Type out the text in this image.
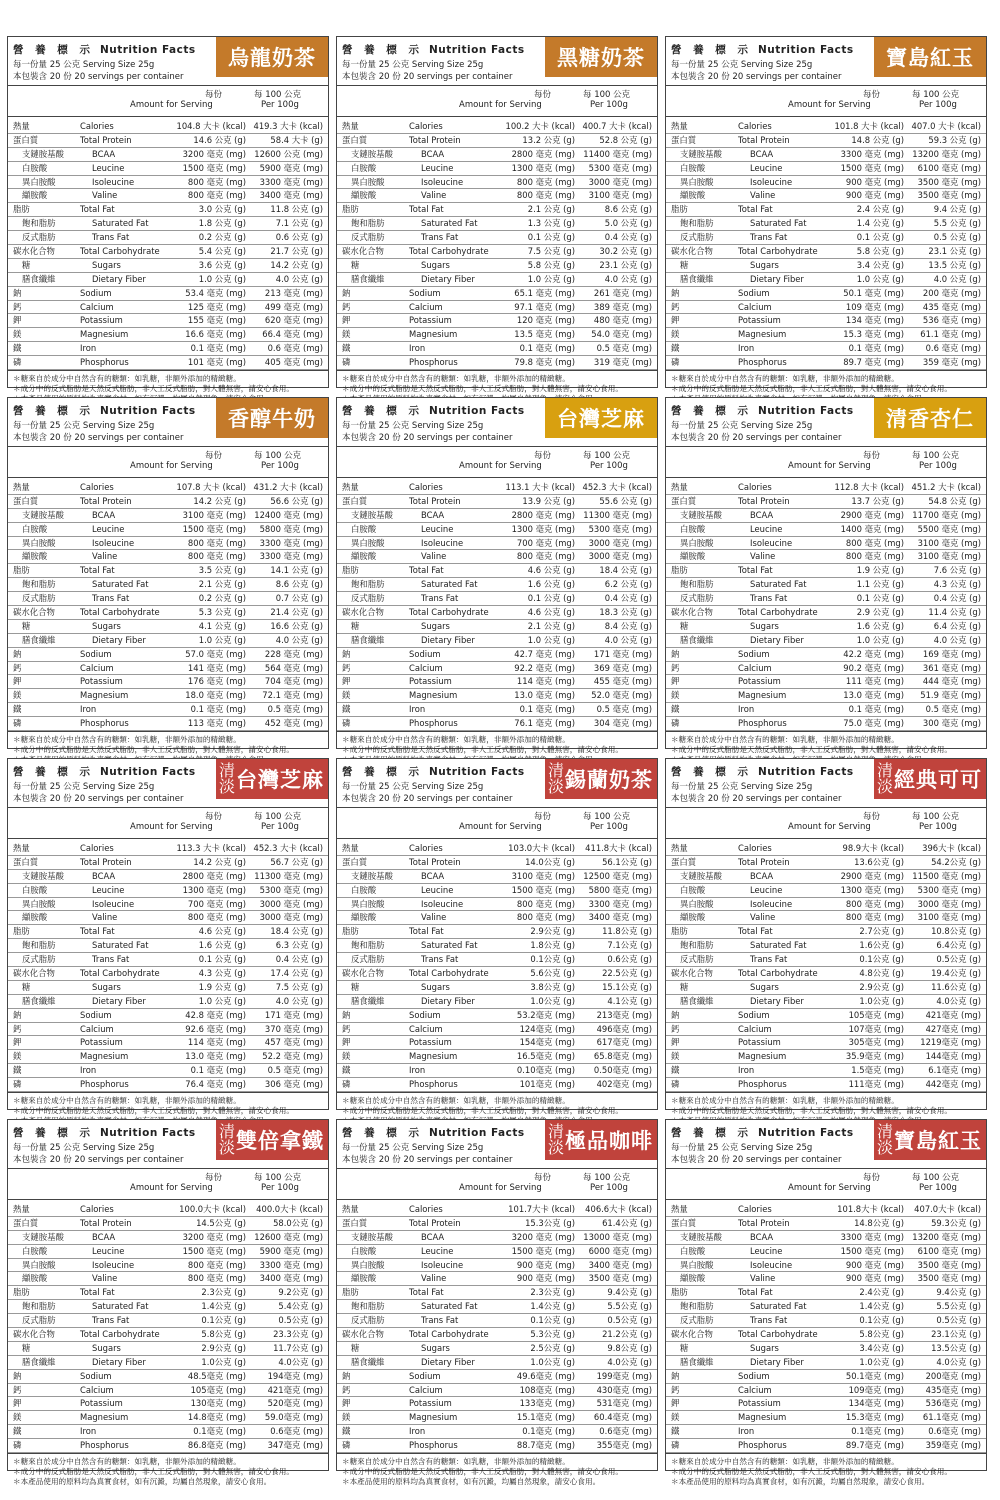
營 養 標 示 Nutrition Facts 烏龍奶茶
每一份量 25 公克 Serving Size 25g
本包裝含 20 份 20 servings per container
每份
Amount for Serving
每 100 公克
Per 100g
熱量	Calories	104.8 大卡 (kcal) 419.3 大卡 (kcal)
蛋白質	Total Protein	14.6 公克 (g)	58.4 大卡 (g)
支鏈胺基酸	BCAA	3200 毫克 (mg) 12600 公克 (mg)
白胺酸	Leucine	1500 毫克 (mg) 5900 毫克 (mg)
異白胺酸	Isoleucine	800 毫克 (mg) 3300 毫克 (mg)
纈胺酸	Valine	800 毫克 (mg) 3400 毫克 (mg)
脂肪	Total Fat	3.0 公克 (g)	11.8 公克 (g)
飽和脂肪	Saturated Fat	1.8 公克 (g)	7.1 公克 (g)
反式脂肪	Trans Fat	0.2 公克 (g)	0.6 公克 (g)
碳水化合物	Total Carbohydrate	5.4 公克 (g)	21.7 公克 (g)
糖	Sugars	3.6 公克 (g)	14.2 公克 (g)
膳食纖維	Dietary Fiber	1.0 公克 (g)	4.0 公克 (g)
鈉	Sodium	53.4 毫克 (mg) 213 毫克 (mg)
鈣	Calcium	125 毫克 (mg) 499 毫克 (mg)
鉀	Potassium	155 毫克 (mg) 620 毫克 (mg)
鎂	Magnesium	16.6 毫克 (mg) 66.4 毫克 (mg)
鐵	Iron	0.1 毫克 (mg)	0.6 毫克 (mg)
磷	Phosphorus	101 毫克 (mg) 405 毫克 (mg)
＊糖來自於成分中自然含有的糖類：如乳糖，非額外添加的精緻糖。
＊成分中的反式脂肪是天然反式脂肪，非人工反式脂肪，對人體無害，請安心食用。
營 養 標 示 Nutrition Facts 黑糖奶茶
每一份量 25 公克 Serving Size 25g
本包裝含 20 份 20 servings per container
每份
Amount for Serving
每 100 公克
Per 100g
熱量	Calories	100.2 大卡 (kcal) 400.7 大卡 (kcal)
蛋白質	Total Protein	13.2 公克 (g)	52.8 公克 (g)
支鏈胺基酸	BCAA	2800 毫克 (mg) 11400 毫克 (mg)
白胺酸	Leucine	1300 毫克 (mg) 5300 毫克 (mg)
異白胺酸	Isoleucine	800 毫克 (mg) 3000 毫克 (mg)
纈胺酸	Valine	800 毫克 (mg) 3100 毫克 (mg)
脂肪	Total Fat	2.1 公克 (g)	8.6 公克 (g)
飽和脂肪	Saturated Fat	1.3 公克 (g)	5.0 公克 (g)
反式脂肪	Trans Fat	0.1 公克 (g)	0.4 公克 (g)
碳水化合物	Total Carbohydrate	7.5 公克 (g)	30.2 公克 (g)
糖	Sugars	5.8 公克 (g)	23.1 公克 (g)
膳食纖維	Dietary Fiber	1.0 公克 (g)	4.0 公克 (g)
鈉	Sodium	65.1 毫克 (mg) 261 毫克 (mg)
鈣	Calcium	97.1 毫克 (mg) 389 毫克 (mg)
鉀	Potassium	120 毫克 (mg) 480 毫克 (mg)
鎂	Magnesium	13.5 毫克 (mg) 54.0 毫克 (mg)
鐵	Iron	0.1 毫克 (mg)	0.5 毫克 (mg)
磷	Phosphorus	79.8 毫克 (mg) 319 毫克 (mg)
＊糖來自於成分中自然含有的糖類：如乳糖，非額外添加的精緻糖。
＊成分中的反式脂肪是天然反式脂肪，非人工反式脂肪，對人體無害，請安心食用。
營 養 標 示 Nutrition Facts 寶島紅玉
每一份量 25 公克 Serving Size 25g
本包裝含 20 份 20 servings per container
每份
Amount for Serving
每 100 公克
Per 100g
熱量	Calories	101.8 大卡 (kcal) 407.0 大卡 (kcal)
蛋白質	Total Protein	14.8 公克 (g)	59.3 公克 (g)
支鏈胺基酸	BCAA	3300 毫克 (mg) 13200 毫克 (mg)
白胺酸	Leucine	1500 毫克 (mg) 6100 毫克 (mg)
異白胺酸	Isoleucine	900 毫克 (mg) 3500 毫克 (mg)
纈胺酸	Valine	900 毫克 (mg) 3500 毫克 (mg)
脂肪	Total Fat	2.4 公克 (g)	9.4 公克 (g)
飽和脂肪	Saturated Fat	1.4 公克 (g)	5.5 公克 (g)
反式脂肪	Trans Fat	0.1 公克 (g)	0.5 公克 (g)
碳水化合物	Total Carbohydrate	5.8 公克 (g)	23.1 公克 (g)
糖	Sugars	3.4 公克 (g)	13.5 公克 (g)
膳食纖維	Dietary Fiber	1.0 公克 (g)	4.0 公克 (g)
鈉	Sodium	50.1 毫克 (mg) 200 毫克 (mg)
鈣	Calcium	109 毫克 (mg) 435 毫克 (mg)
鉀	Potassium	134 毫克 (mg) 536 毫克 (mg)
鎂	Magnesium	15.3 毫克 (mg) 61.1 毫克 (mg)
鐵	Iron	0.1 毫克 (mg)	0.6 毫克 (mg)
磷	Phosphorus	89.7 毫克 (mg) 359 毫克 (mg)
＊糖來自於成分中自然含有的糖類：如乳糖，非額外添加的精緻糖。
＊成分中的反式脂肪是天然反式脂肪，非人工反式脂肪，對人體無害，請安心食用。
營 養 標 示 Nutrition Facts 香醇牛奶
每一份量 25 公克 Serving Size 25g
本包裝含 20 份 20 servings per container
每份
Amount for Serving
每 100 公克
Per 100g
熱量	Calories	107.8 大卡 (kcal) 431.2 大卡 (kcal)
蛋白質	Total Protein	14.2 公克 (g)	56.6 公克 (g)
支鏈胺基酸	BCAA	3100 毫克 (mg) 12400 毫克 (mg)
白胺酸	Leucine	1500 毫克 (mg) 5800 毫克 (mg)
異白胺酸	Isoleucine	800 毫克 (mg) 3300 毫克 (mg)
纈胺酸	Valine	800 毫克 (mg) 3300 毫克 (mg)
脂肪	Total Fat	3.5 公克 (g)	14.1 公克 (g)
飽和脂肪	Saturated Fat	2.1 公克 (g)	8.6 公克 (g)
反式脂肪	Trans Fat	0.2 公克 (g)	0.7 公克 (g)
碳水化合物	Total Carbohydrate	5.3 公克 (g)	21.4 公克 (g)
糖	Sugars	4.1 公克 (g)	16.6 公克 (g)
膳食纖維	Dietary Fiber	1.0 公克 (g)	4.0 公克 (g)
鈉	Sodium	57.0 毫克 (mg) 228 毫克 (mg)
鈣	Calcium	141 毫克 (mg) 564 毫克 (mg)
鉀	Potassium	176 毫克 (mg) 704 毫克 (mg)
鎂	Magnesium	18.0 毫克 (mg) 72.1 毫克 (mg)
鐵	Iron	0.1 毫克 (mg)	0.5 毫克 (mg)
磷	Phosphorus	113 毫克 (mg) 452 毫克 (mg)
＊糖來自於成分中自然含有的糖類：如乳糖，非額外添加的精緻糖。
＊成分中的反式脂肪是天然反式脂肪，非人工反式脂肪，對人體無害，請安心食用。
營 養 標 示 Nutrition Facts 台灣芝麻
每一份量 25 公克 Serving Size 25g
本包裝含 20 份 20 servings per container
每份
Amount for Serving
每 100 公克
Per 100g
熱量	Calories	113.1 大卡 (kcal) 452.3 大卡 (kcal)
蛋白質	Total Protein	13.9 公克 (g)	55.6 公克 (g)
支鏈胺基酸	BCAA	2800 毫克 (mg) 11300 毫克 (mg)
白胺酸	Leucine	1300 毫克 (mg) 5300 毫克 (mg)
異白胺酸	Isoleucine	700 毫克 (mg) 3000 毫克 (mg)
纈胺酸	Valine	800 毫克 (mg) 3000 毫克 (mg)
脂肪	Total Fat	4.6 公克 (g)	18.4 公克 (g)
飽和脂肪	Saturated Fat	1.6 公克 (g)	6.2 公克 (g)
反式脂肪	Trans Fat	0.1 公克 (g)	0.4 公克 (g)
碳水化合物	Total Carbohydrate	4.6 公克 (g)	18.3 公克 (g)
糖	Sugars	2.1 公克 (g)	8.4 公克 (g)
膳食纖維	Dietary Fiber	1.0 公克 (g)	4.0 公克 (g)
鈉	Sodium	42.7 毫克 (mg) 171 毫克 (mg)
鈣	Calcium	92.2 毫克 (mg) 369 毫克 (mg)
鉀	Potassium	114 毫克 (mg) 455 毫克 (mg)
鎂	Magnesium	13.0 毫克 (mg) 52.0 毫克 (mg)
鐵	Iron	0.1 毫克 (mg)	0.5 毫克 (mg)
磷	Phosphorus	76.1 毫克 (mg) 304 毫克 (mg)
＊糖來自於成分中自然含有的糖類：如乳糖，非額外添加的精緻糖。
＊成分中的反式脂肪是天然反式脂肪，非人工反式脂肪，對人體無害，請安心食用。
營 養 標 示 Nutrition Facts 清香杏仁
每一份量 25 公克 Serving Size 25g
本包裝含 20 份 20 servings per container
每份
Amount for Serving
每 100 公克
Per 100g
熱量	Calories	112.8 大卡 (kcal) 451.2 大卡 (kcal)
蛋白質	Total Protein	13.7 公克 (g)	54.8 公克 (g)
支鏈胺基酸	BCAA	2900 毫克 (mg) 11700 毫克 (mg)
白胺酸	Leucine	1400 毫克 (mg) 5500 毫克 (mg)
異白胺酸	Isoleucine	800 毫克 (mg) 3100 毫克 (mg)
纈胺酸	Valine	800 毫克 (mg) 3100 毫克 (mg)
脂肪	Total Fat	1.9 公克 (g)	7.6 公克 (g)
飽和脂肪	Saturated Fat	1.1 公克 (g)	4.3 公克 (g)
反式脂肪	Trans Fat	0.1 公克 (g)	0.4 公克 (g)
碳水化合物	Total Carbohydrate	2.9 公克 (g)	11.4 公克 (g)
糖	Sugars	1.6 公克 (g)	6.4 公克 (g)
膳食纖維	Dietary Fiber	1.0 公克 (g)	4.0 公克 (g)
鈉	Sodium	42.2 毫克 (mg) 169 毫克 (mg)
鈣	Calcium	90.2 毫克 (mg) 361 毫克 (mg)
鉀	Potassium	111 毫克 (mg) 444 毫克 (mg)
鎂	Magnesium	13.0 毫克 (mg) 51.9 毫克 (mg)
鐵	Iron	0.1 毫克 (mg)	0.5 毫克 (mg)
磷	Phosphorus	75.0 毫克 (mg) 300 毫克 (mg)
＊糖來自於成分中自然含有的糖類：如乳糖，非額外添加的精緻糖。
＊成分中的反式脂肪是天然反式脂肪，非人工反式脂肪，對人體無害，請安心食用。
營 養 標 示 Nutrition Facts 清淡 台灣芝麻
每一份量 25 公克 Serving Size 25g
本包裝含 20 份 20 servings per container
每份
Amount for Serving
每 100 公克
Per 100g
熱量	Calories	113.3 大卡 (kcal) 452.3 大卡 (kcal)
蛋白質	Total Protein	14.2 公克 (g)	56.7 公克 (g)
支鏈胺基酸	BCAA	2800 毫克 (mg) 11300 毫克 (mg)
白胺酸	Leucine	1300 毫克 (mg) 5300 毫克 (mg)
異白胺酸	Isoleucine	700 毫克 (mg) 3000 毫克 (mg)
纈胺酸	Valine	800 毫克 (mg) 3000 毫克 (mg)
脂肪	Total Fat	4.6 公克 (g)	18.4 公克 (g)
飽和脂肪	Saturated Fat	1.6 公克 (g)	6.3 公克 (g)
反式脂肪	Trans Fat	0.1 公克 (g)	0.4 公克 (g)
碳水化合物	Total Carbohydrate	4.3 公克 (g)	17.4 公克 (g)
糖	Sugars	1.9 公克 (g)	7.5 公克 (g)
膳食纖維	Dietary Fiber	1.0 公克 (g)	4.0 公克 (g)
鈉	Sodium	42.8 毫克 (mg) 171 毫克 (mg)
鈣	Calcium	92.6 毫克 (mg) 370 毫克 (mg)
鉀	Potassium	114 毫克 (mg) 457 毫克 (mg)
鎂	Magnesium	13.0 毫克 (mg) 52.2 毫克 (mg)
鐵	Iron	0.1 毫克 (mg)	0.5 毫克 (mg)
磷	Phosphorus	76.4 毫克 (mg) 306 毫克 (mg)
＊糖來自於成分中自然含有的糖類：如乳糖，非額外添加的精緻糖。
＊成分中的反式脂肪是天然反式脂肪，非人工反式脂肪，對人體無害，請安心食用。
營 養 標 示 Nutrition Facts 清淡 錫蘭奶茶
每一份量 25 公克 Serving Size 25g
本包裝含 20 份 20 servings per container
每份
Amount for Serving
每 100 公克
Per 100g
熱量	Calories	103.0大卡 (kcal) 411.8大卡 (kcal)
蛋白質	Total Protein	14.0公克 (g)	56.1公克 (g)
支鏈胺基酸	BCAA	3100 毫克 (mg) 12500 毫克 (mg)
白胺酸	Leucine	1500 毫克 (mg) 5800 毫克 (mg)
異白胺酸	Isoleucine	800 毫克 (mg) 3300 毫克 (mg)
纈胺酸	Valine	800 毫克 (mg) 3400 毫克 (mg)
脂肪	Total Fat	2.9公克 (g)	11.8公克 (g)
飽和脂肪	Saturated Fat	1.8公克 (g)	7.1公克 (g)
反式脂肪	Trans Fat	0.1公克 (g)	0.6公克 (g)
碳水化合物	Total Carbohydrate	5.6公克 (g)	22.5公克 (g)
糖	Sugars	3.8公克 (g)	15.1公克 (g)
膳食纖維	Dietary Fiber	1.0公克 (g)	4.1公克 (g)
鈉	Sodium	53.2毫克 (mg)	213毫克 (mg)
鈣	Calcium	124毫克 (mg)	496毫克 (mg)
鉀	Potassium	154毫克 (mg)	617毫克 (mg)
鎂	Magnesium	16.5毫克 (mg) 65.8毫克 (mg)
鐵	Iron	0.10毫克 (mg) 0.50毫克 (mg)
磷	Phosphorus	101毫克 (mg)	402毫克 (mg)
＊糖來自於成分中自然含有的糖類：如乳糖，非額外添加的精緻糖。
＊成分中的反式脂肪是天然反式脂肪，非人工反式脂肪，對人體無害，請安心食用。
營 養 標 示 Nutrition Facts 清淡 經典可可
每一份量 25 公克 Serving Size 25g
本包裝含 20 份 20 servings per container
每份
Amount for Serving
每 100 公克
Per 100g
熱量	Calories	98.9大卡 (kcal) 396大卡 (kcal)
蛋白質	Total Protein	13.6公克 (g)	54.2公克 (g)
支鏈胺基酸	BCAA	2900 毫克 (mg) 11500 毫克 (mg)
白胺酸	Leucine	1300 毫克 (mg) 5300 毫克 (mg)
異白胺酸	Isoleucine	800 毫克 (mg) 3000 毫克 (mg)
纈胺酸	Valine	800 毫克 (mg) 3100 毫克 (mg)
脂肪	Total Fat	2.7公克 (g)	10.8公克 (g)
飽和脂肪	Saturated Fat	1.6公克 (g)	6.4公克 (g)
反式脂肪	Trans Fat	0.1公克 (g)	0.5公克 (g)
碳水化合物	Total Carbohydrate	4.8公克 (g)	19.4公克 (g)
糖	Sugars	2.9公克 (g)	11.6公克 (g)
膳食纖維	Dietary Fiber	1.0公克 (g)	4.0公克 (g)
鈉	Sodium	105毫克 (mg)	421毫克 (mg)
鈣	Calcium	107毫克 (mg)	427毫克 (mg)
鉀	Potassium	305毫克 (mg) 1219毫克 (mg)
鎂	Magnesium	35.9毫克 (mg)	144毫克 (mg)
鐵	Iron	1.5毫克 (mg)	6.1毫克 (mg)
磷	Phosphorus	111毫克 (mg)	442毫克 (mg)
＊糖來自於成分中自然含有的糖類：如乳糖，非額外添加的精緻糖。
＊成分中的反式脂肪是天然反式脂肪，非人工反式脂肪，對人體無害，請安心食用。
營 養 標 示 Nutrition Facts 清淡 雙倍拿鐵
每一份量 25 公克 Serving Size 25g
本包裝含 20 份 20 servings per container
每份
Amount for Serving
每 100 公克
Per 100g
熱量	Calories	100.0大卡 (kcal) 400.0大卡 (kcal)
蛋白質	Total Protein	14.5公克 (g)	58.0公克 (g)
支鏈胺基酸	BCAA	3200 毫克 (mg) 12600 毫克 (mg)
白胺酸	Leucine	1500 毫克 (mg) 5900 毫克 (mg)
異白胺酸	Isoleucine	800 毫克 (mg) 3300 毫克 (mg)
纈胺酸	Valine	800 毫克 (mg) 3400 毫克 (mg)
脂肪	Total Fat	2.3公克 (g)	9.2公克 (g)
飽和脂肪	Saturated Fat	1.4公克 (g)	5.4公克 (g)
反式脂肪	Trans Fat	0.1公克 (g)	0.5公克 (g)
碳水化合物	Total Carbohydrate	5.8公克 (g)	23.3公克 (g)
糖	Sugars	2.9公克 (g)	11.7公克 (g)
膳食纖維	Dietary Fiber	1.0公克 (g)	4.0公克 (g)
鈉	Sodium	48.5毫克 (mg)	194毫克 (mg)
鈣	Calcium	105毫克 (mg)	421毫克 (mg)
鉀	Potassium	130毫克 (mg)	520毫克 (mg)
鎂	Magnesium	14.8毫克 (mg) 59.0毫克 (mg)
鐵	Iron	0.1毫克 (mg)	0.6毫克 (mg)
磷	Phosphorus	86.8毫克 (mg)	347毫克 (mg)
＊糖來自於成分中自然含有的糖類：如乳糖，非額外添加的精緻糖。
＊成分中的反式脂肪是天然反式脂肪，非人工反式脂肪，對人體無害，請安心食用。
＊本產品使用的原料均為真實食材，如有沉澱，均屬自然現象，請安心食用。
營 養 標 示 Nutrition Facts 清淡 極品咖啡
每一份量 25 公克 Serving Size 25g
本包裝含 20 份 20 servings per container
每份
Amount for Serving
每 100 公克
Per 100g
熱量	Calories	101.7大卡 (kcal) 406.6大卡 (kcal)
蛋白質	Total Protein	15.3公克 (g)	61.4公克 (g)
支鏈胺基酸	BCAA	3200 毫克 (mg) 13000 毫克 (mg)
白胺酸	Leucine	1500 毫克 (mg) 6000 毫克 (mg)
異白胺酸	Isoleucine	900 毫克 (mg) 3400 毫克 (mg)
纈胺酸	Valine	900 毫克 (mg) 3500 毫克 (mg)
脂肪	Total Fat	2.3公克 (g)	9.4公克 (g)
飽和脂肪	Saturated Fat	1.4公克 (g)	5.5公克 (g)
反式脂肪	Trans Fat	0.1公克 (g)	0.5公克 (g)
碳水化合物	Total Carbohydrate	5.3公克 (g)	21.2公克 (g)
糖	Sugars	2.5公克 (g)	9.8公克 (g)
膳食纖維	Dietary Fiber	1.0公克 (g)	4.0公克 (g)
鈉	Sodium	49.6毫克 (mg)	199毫克 (mg)
鈣	Calcium	108毫克 (mg)	430毫克 (mg)
鉀	Potassium	133毫克 (mg)	531毫克 (mg)
鎂	Magnesium	15.1毫克 (mg) 60.4毫克 (mg)
鐵	Iron	0.1毫克 (mg)	0.6毫克 (mg)
磷	Phosphorus	88.7毫克 (mg)	355毫克 (mg)
＊糖來自於成分中自然含有的糖類：如乳糖，非額外添加的精緻糖。
＊成分中的反式脂肪是天然反式脂肪，非人工反式脂肪，對人體無害，請安心食用。
＊本產品使用的原料均為真實食材，如有沉澱，均屬自然現象，請安心食用。
營 養 標 示 Nutrition Facts 清淡 寶島紅玉
每一份量 25 公克 Serving Size 25g
本包裝含 20 份 20 servings per container
每份
Amount for Serving
每 100 公克
Per 100g
熱量	Calories	101.8大卡 (kcal) 407.0大卡 (kcal)
蛋白質	Total Protein	14.8公克 (g)	59.3公克 (g)
支鏈胺基酸	BCAA	3300 毫克 (mg) 13200 毫克 (mg)
白胺酸	Leucine	1500 毫克 (mg) 6100 毫克 (mg)
異白胺酸	Isoleucine	900 毫克 (mg) 3500 毫克 (mg)
纈胺酸	Valine	900 毫克 (mg) 3500 毫克 (mg)
脂肪	Total Fat	2.4公克 (g)	9.4公克 (g)
飽和脂肪	Saturated Fat	1.4公克 (g)	5.5公克 (g)
反式脂肪	Trans Fat	0.1公克 (g)	0.5公克 (g)
碳水化合物	Total Carbohydrate	5.8公克 (g)	23.1公克 (g)
糖	Sugars	3.4公克 (g)	13.5公克 (g)
膳食纖維	Dietary Fiber	1.0公克 (g)	4.0公克 (g)
鈉	Sodium	50.1毫克 (mg)	200毫克 (mg)
鈣	Calcium	109毫克 (mg)	435毫克 (mg)
鉀	Potassium	134毫克 (mg)	536毫克 (mg)
鎂	Magnesium	15.3毫克 (mg) 61.1毫克 (mg)
鐵	Iron	0.1毫克 (mg)	0.6毫克 (mg)
磷	Phosphorus	89.7毫克 (mg)	359毫克 (mg)
＊糖來自於成分中自然含有的糖類：如乳糖，非額外添加的精緻糖。
＊成分中的反式脂肪是天然反式脂肪，非人工反式脂肪，對人體無害，請安心食用。
＊本產品使用的原料均為真實食材，如有沉澱，均屬自然現象，請安心食用。
